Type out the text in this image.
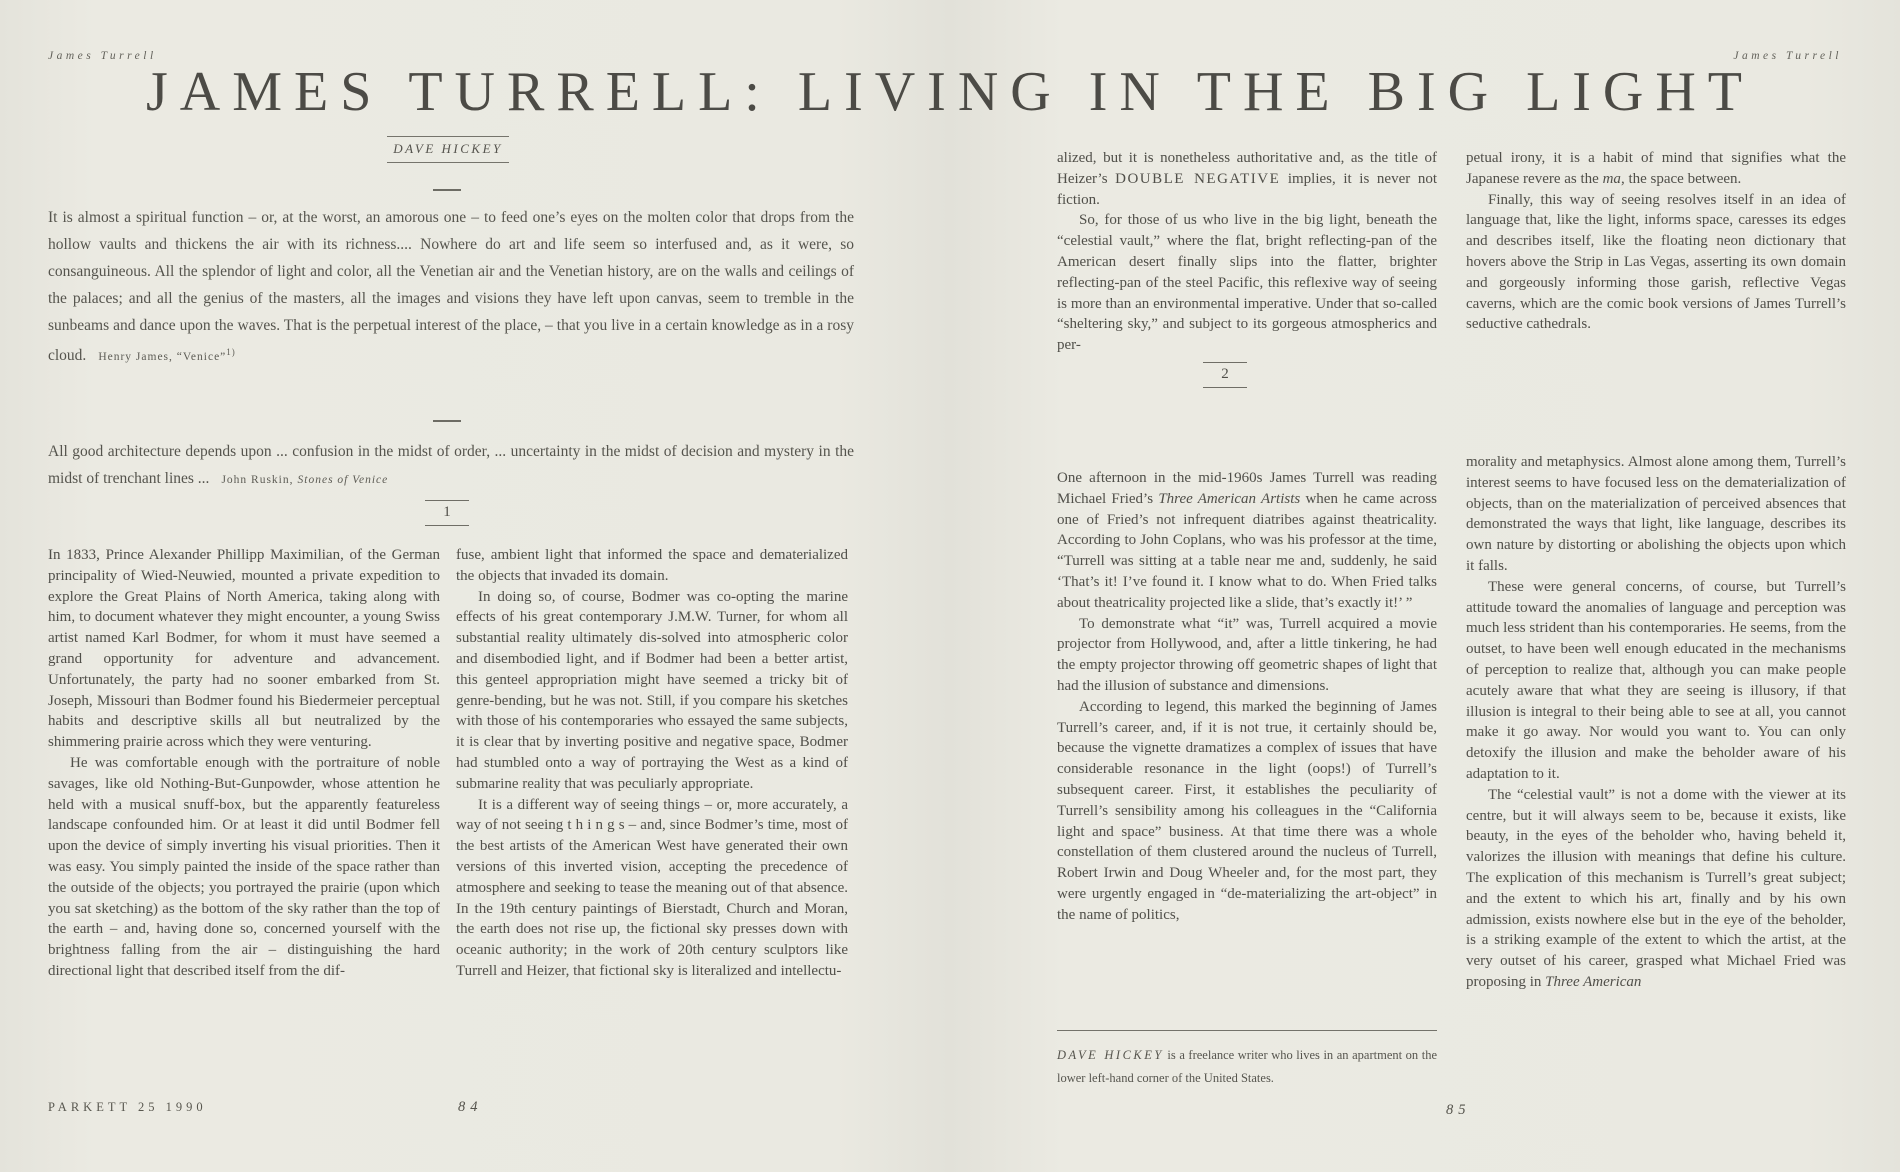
James Turrell	James Turrell
JAMES TURRELL: LIVING IN THE BIG LIGHT
DAVE HICKEY

It is almost a spiritual function – or, at the worst, an amorous one – to feed one’s eyes on the molten color that drops from the hollow vaults and thickens the air with its richness.... Nowhere do art and life seem so interfused and, as it were, so consanguineous. All the splendor of light and color, all the Venetian air and the Venetian history, are on the walls and ceilings of the palaces; and all the genius of the masters, all the images and visions they have left upon canvas, seem to tremble in the sunbeams and dance upon the waves. That is the perpetual interest of the place, – that you live in a certain knowledge as in a rosy cloud. Henry James, “Venice”$^{1)}$

All good architecture depends upon ... confusion in the midst of order, ... uncertainty in the midst of decision and mystery in the midst of trenchant lines ... John Ruskin, Stones of Venice

1

In 1833, Prince Alexander Phillipp Maximilian, of the German principality of Wied-Neuwied, mounted a private expedition to explore the Great Plains of North America, taking along with him, to document whatever they might encounter, a young Swiss artist named Karl Bodmer, for whom it must have seemed a grand opportunity for adventure and advancement. Unfortunately, the party had no sooner embarked from St. Joseph, Missouri than Bodmer found his Biedermeier perceptual habits and descriptive skills all but neutralized by the shimmering prairie across which they were venturing.

He was comfortable enough with the portraiture of noble savages, like old Nothing-But-Gunpowder, whose attention he held with a musical snuff-box, but the apparently featureless landscape confounded him. Or at least it did until Bodmer fell upon the device of simply inverting his visual priorities. Then it was easy. You simply painted the inside of the space rather than the outside of the objects; you portrayed the prairie (upon which you sat sketching) as the bottom of the sky rather than the top of the earth – and, having done so, concerned yourself with the brightness falling from the air – distinguishing the hard directional light that described itself from the dif-

fuse, ambient light that informed the space and dematerialized the objects that invaded its domain.

In doing so, of course, Bodmer was co-opting the marine effects of his great contemporary J.M.W. Turner, for whom all substantial reality ultimately dis-solved into atmospheric color and disembodied light, and if Bodmer had been a better artist, this genteel appropriation might have seemed a tricky bit of genre-bending, but he was not. Still, if you compare his sketches with those of his contemporaries who essayed the same subjects, it is clear that by inverting positive and negative space, Bodmer had stumbled onto a way of portraying the West as a kind of submarine reality that was peculiarly appropriate.

It is a different way of seeing things – or, more accurately, a way of not seeing t h i n g s – and, since Bodmer’s time, most of the best artists of the American West have generated their own versions of this inverted vision, accepting the precedence of atmosphere and seeking to tease the meaning out of that absence. In the 19th century paintings of Bierstadt, Church and Moran, the earth does not rise up, the fictional sky presses down with oceanic authority; in the work of 20th century sculptors like Turrell and Heizer, that fictional sky is literalized and intellectu-

alized, but it is nonetheless authoritative and, as the title of Heizer’s DOUBLE NEGATIVE implies, it is never not fiction.

So, for those of us who live in the big light, beneath the “celestial vault,” where the flat, bright reflecting-pan of the American desert finally slips into the flatter, brighter reflecting-pan of the steel Pacific, this reflexive way of seeing is more than an environmental imperative. Under that so-called “sheltering sky,” and subject to its gorgeous atmospherics and per-

petual irony, it is a habit of mind that signifies what the Japanese revere as the ma, the space between.

Finally, this way of seeing resolves itself in an idea of language that, like the light, informs space, caresses its edges and describes itself, like the floating neon dictionary that hovers above the Strip in Las Vegas, asserting its own domain and gorgeously informing those garish, reflective Vegas caverns, which are the comic book versions of James Turrell’s seductive cathedrals.

2

One afternoon in the mid-1960s James Turrell was reading Michael Fried’s Three American Artists when he came across one of Fried’s not infrequent diatribes against theatricality. According to John Coplans, who was his professor at the time, “Turrell was sitting at a table near me and, suddenly, he said ‘That’s it! I’ve found it. I know what to do. When Fried talks about theatricality projected like a slide, that’s exactly it!’ ”

To demonstrate what “it” was, Turrell acquired a movie projector from Hollywood, and, after a little tinkering, he had the empty projector throwing off geometric shapes of light that had the illusion of substance and dimensions.

According to legend, this marked the beginning of James Turrell’s career, and, if it is not true, it certainly should be, because the vignette dramatizes a complex of issues that have considerable resonance in the light (oops!) of Turrell’s subsequent career. First, it establishes the peculiarity of Turrell’s sensibility among his colleagues in the “California light and space” business. At that time there was a whole constellation of them clustered around the nucleus of Turrell, Robert Irwin and Doug Wheeler and, for the most part, they were urgently engaged in “de-materializing the art-object” in the name of politics,

morality and metaphysics. Almost alone among them, Turrell’s interest seems to have focused less on the dematerialization of objects, than on the materialization of perceived absences that demonstrated the ways that light, like language, describes its own nature by distorting or abolishing the objects upon which it falls.

These were general concerns, of course, but Turrell’s attitude toward the anomalies of language and perception was much less strident than his contemporaries. He seems, from the outset, to have been well enough educated in the mechanisms of perception to realize that, although you can make people acutely aware that what they are seeing is illusory, if that illusion is integral to their being able to see at all, you cannot make it go away. Nor would you want to. You can only detoxify the illusion and make the beholder aware of his adaptation to it.

The “celestial vault” is not a dome with the viewer at its centre, but it will always seem to be, because it exists, like beauty, in the eyes of the beholder who, having beheld it, valorizes the illusion with meanings that define his culture. The explication of this mechanism is Turrell’s great subject; and the extent to which his art, finally and by his own admission, exists nowhere else but in the eye of the beholder, is a striking example of the extent to which the artist, at the very outset of his career, grasped what Michael Fried was proposing in Three American

DAVE HICKEY is a freelance writer who lives in an apartment on the lower left-hand corner of the United States.

PARKETT 25 1990	84	85
